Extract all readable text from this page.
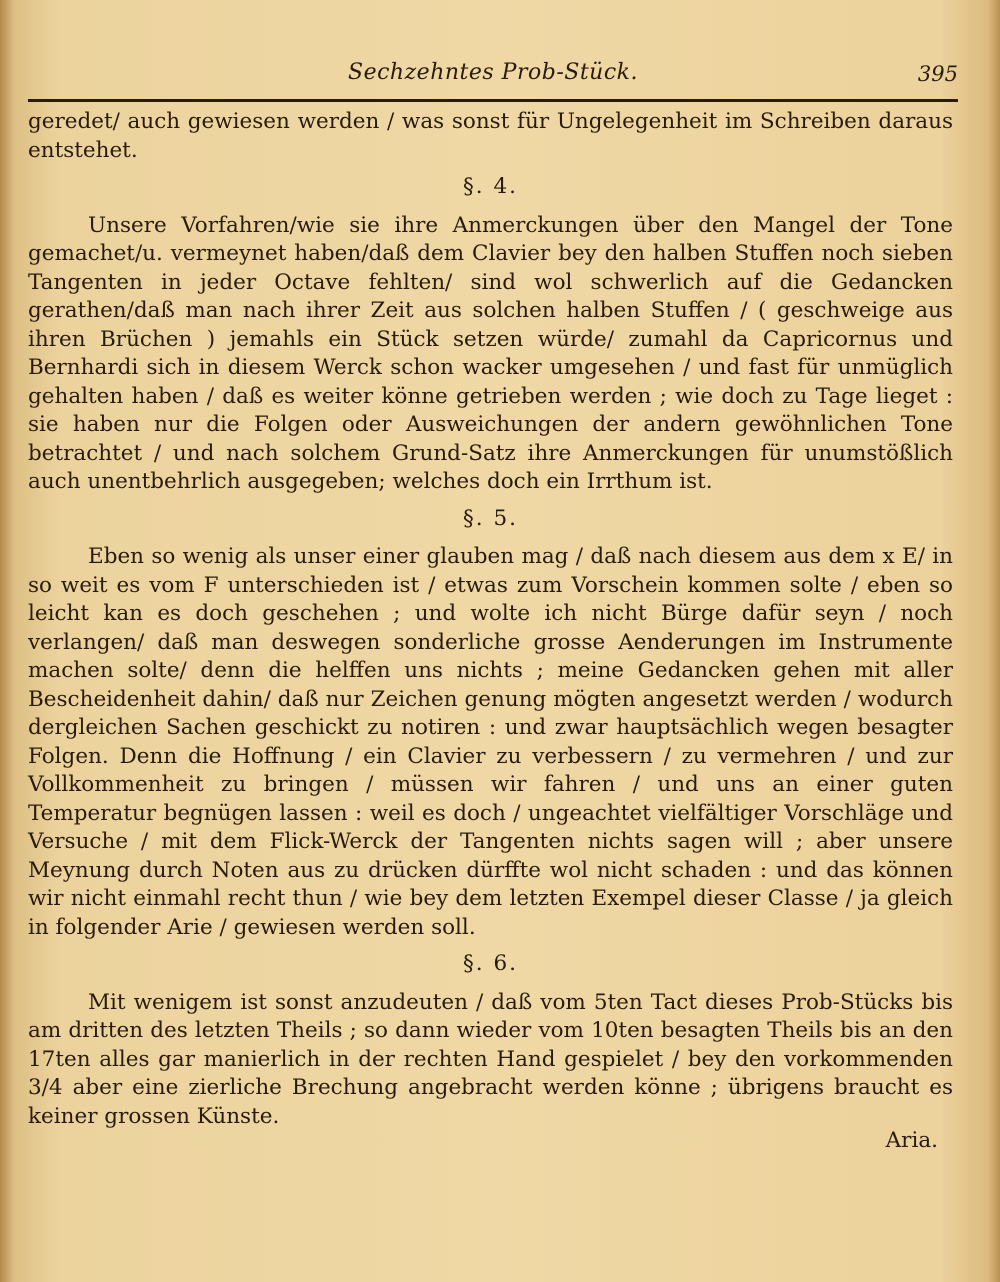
Sechzehntes Prob-Stück.	395

geredet/ auch gewiesen werden / was sonst für Ungelegenheit im Schreiben daraus entstehet.

§. 4.

Unsere Vorfahren/wie sie ihre Anmerckungen über den Mangel der Tone gemachet/u. vermeynet haben/daß dem Clavier bey den halben Stuffen noch sieben Tangenten in jeder Octave fehlten/ sind wol schwerlich auf die Gedancken gerathen/daß man nach ihrer Zeit aus solchen halben Stuffen / ( geschweige aus ihren Brüchen ) jemahls ein Stück setzen würde/ zumahl da Capricornus und Bernhardi sich in diesem Werck schon wacker umgesehen / und fast für unmüglich gehalten haben / daß es weiter könne getrieben werden ; wie doch zu Tage lieget : sie haben nur die Folgen oder Ausweichungen der andern gewöhnlichen Tone betrachtet / und nach solchem Grund-Satz ihre Anmerckungen für unumstößlich auch unentbehrlich ausgegeben; welches doch ein Irrthum ist.

§. 5.

Eben so wenig als unser einer glauben mag / daß nach diesem aus dem x E/ in so weit es vom F unterschieden ist / etwas zum Vorschein kommen solte / eben so leicht kan es doch geschehen ; und wolte ich nicht Bürge dafür seyn / noch verlangen/ daß man deswegen sonderliche grosse Aenderungen im Instrumente machen solte/ denn die helffen uns nichts ; meine Gedancken gehen mit aller Bescheidenheit dahin/ daß nur Zeichen genung mögten angesetzt werden / wodurch dergleichen Sachen geschickt zu notiren : und zwar hauptsächlich wegen besagter Folgen. Denn die Hoffnung / ein Clavier zu verbessern / zu vermehren / und zur Vollkommenheit zu bringen / müssen wir fahren / und uns an einer guten Temperatur begnügen lassen : weil es doch / ungeachtet vielfältiger Vorschläge und Versuche / mit dem Flick-Werck der Tangenten nichts sagen will ; aber unsere Meynung durch Noten aus zu drücken dürffte wol nicht schaden : und das können wir nicht einmahl recht thun / wie bey dem letzten Exempel dieser Classe / ja gleich in folgender Arie / gewiesen werden soll.

§. 6.

Mit wenigem ist sonst anzudeuten / daß vom 5ten Tact dieses Prob-Stücks bis am dritten des letzten Theils ; so dann wieder vom 10ten besagten Theils bis an den 17ten alles gar manierlich in der rechten Hand gespielet / bey den vorkommenden 3/4 aber eine zierliche Brechung angebracht werden könne ; übrigens braucht es keiner grossen Künste.

Aria.
